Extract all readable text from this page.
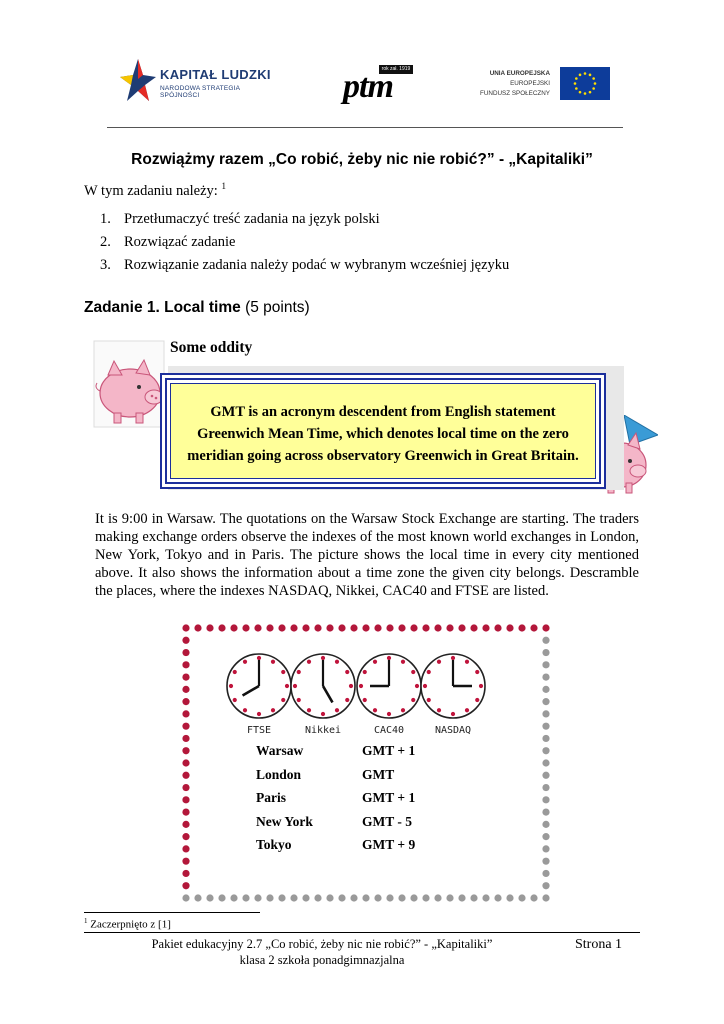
KAPITAŁ LUDZKI
NARODOWA STRATEGIA SPÓJNOŚCI
rok zał. 1919
ptm	UNIA EUROPEJSKA
EUROPEJSKI
FUNDUSZ SPOŁECZNY
Rozwiążmy razem „Co robić, żeby nic nie robić?” - „Kapitaliki”
W tym zadaniu należy: $^1$
1. Przetłumaczyć treść zadania na język polski
2. Rozwiązać zadanie
3. Rozwiązanie zadania należy podać w wybranym wcześniej języku
Zadanie 1. Local time (5 points)
Some oddity
GMT is an acronym descendent from English statement
Greenwich Mean Time, which denotes local time on the zero
meridian going across observatory Greenwich in Great Britain.
It is 9:00 in Warsaw. The quotations on the Warsaw Stock Exchange are starting. The traders making exchange orders observe the indexes of the most known world exchanges in London, New York, Tokyo and in Paris. The picture shows the local time in every city mentioned above. It also shows the information about a time zone the given city belongs. Descramble the places, where the indexes NASDAQ, Nikkei, CAC40 and FTSE are listed.
FTSE	Nikkei	CAC40	NASDAQ
Warsaw	GMT + 1
London	GMT
Paris	GMT + 1
New York	GMT - 5
Tokyo	GMT + 9
$^1$ Zaczerpnięto z [1]
Pakiet edukacyjny 2.7 „Co robić, żeby nic nie robić?” - „Kapitaliki”
klasa 2 szkoła ponadgimnazjalna
Strona 1
